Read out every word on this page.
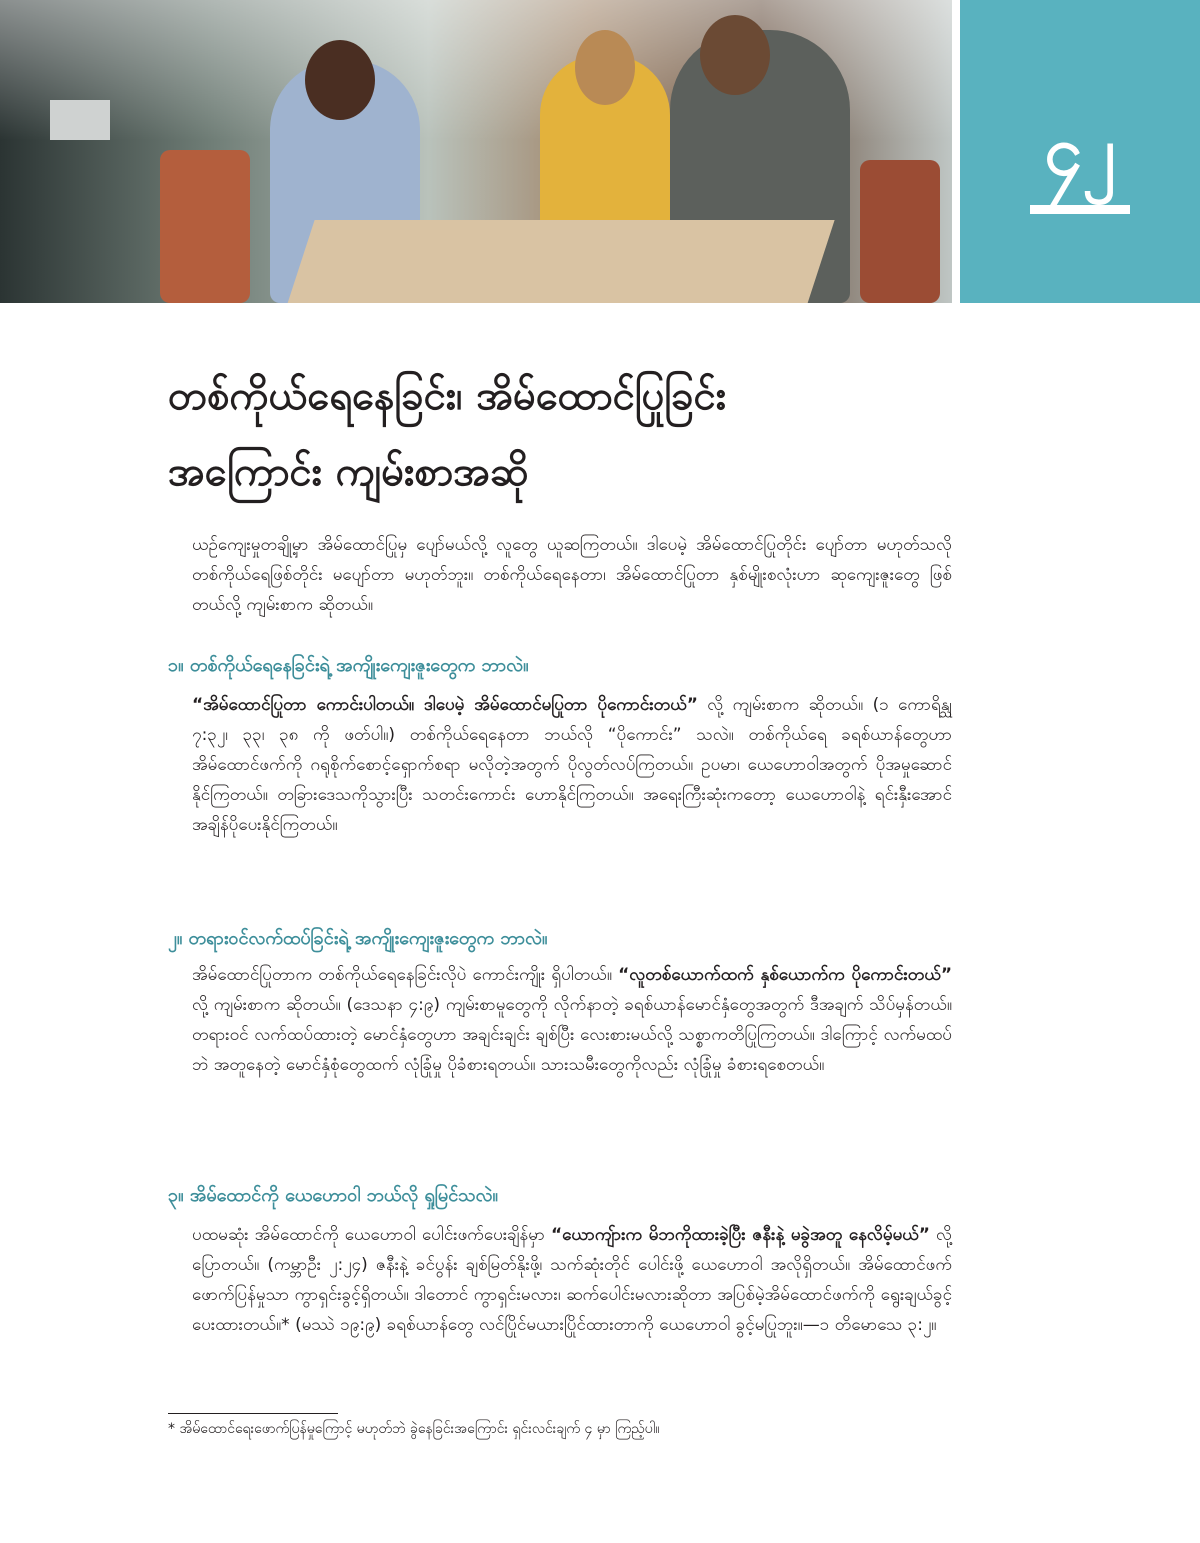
၄၂
တစ်ကိုယ်ရေနေခြင်း၊ အိမ်ထောင်ပြုခြင်း
အကြောင်း ကျမ်းစာအဆို

ယဉ်ကျေးမှုတချို့မှာ အိမ်ထောင်ပြုမှ ပျော်မယ်လို့ လူတွေ ယူဆကြတယ်။ ဒါပေမဲ့ အိမ်ထောင်ပြုတိုင်း ပျော်တာ မဟုတ်သလို တစ်ကိုယ်ရေဖြစ်တိုင်း မပျော်တာ မဟုတ်ဘူး။ တစ်ကိုယ်ရေနေတာ၊ အိမ်ထောင်ပြုတာ နှစ်မျိုးစလုံးဟာ ဆုကျေးဇူးတွေ ဖြစ်တယ်လို့ ကျမ်းစာက ဆိုတယ်။

၁။ တစ်ကိုယ်ရေနေခြင်းရဲ့ အကျိုးကျေးဇူးတွေက ဘာလဲ။

“အိမ်ထောင်ပြုတာ ကောင်းပါတယ်။ ဒါပေမဲ့ အိမ်ထောင်မပြုတာ ပိုကောင်းတယ်” လို့ ကျမ်းစာက ဆိုတယ်။ (၁ ကောရိန္သု ၇:၃၂၊ ၃၃၊ ၃၈ ကို ဖတ်ပါ။) တစ်ကိုယ်ရေနေတာ ဘယ်လို “ပိုကောင်း” သလဲ။ တစ်ကိုယ်ရေ ခရစ်ယာန်တွေဟာ အိမ်ထောင်ဖက်ကို ဂရုစိုက်စောင့်ရှောက်စရာ မလိုတဲ့အတွက် ပိုလွတ်လပ်ကြတယ်။ ဥပမာ၊ ယေဟောဝါအတွက် ပိုအမှုဆောင်နိုင်ကြတယ်။ တခြားဒေသကိုသွားပြီး သတင်းကောင်း ဟောနိုင်ကြတယ်။ အရေးကြီးဆုံးကတော့ ယေဟောဝါနဲ့ ရင်းနှီးအောင် အချိန်ပိုပေးနိုင်ကြတယ်။

၂။ တရားဝင်လက်ထပ်ခြင်းရဲ့ အကျိုးကျေးဇူးတွေက ဘာလဲ။

အိမ်ထောင်ပြုတာက တစ်ကိုယ်ရေနေခြင်းလိုပဲ ကောင်းကျိုး ရှိပါတယ်။ “လူတစ်ယောက်ထက် နှစ်ယောက်က ပိုကောင်းတယ်” လို့ ကျမ်းစာက ဆိုတယ်။ (ဒေသနာ ၄:၉) ကျမ်းစာမူတွေကို လိုက်နာတဲ့ ခရစ်ယာန်မောင်နှံတွေအတွက် ဒီအချက် သိပ်မှန်တယ်။ တရားဝင် လက်ထပ်ထားတဲ့ မောင်နှံတွေဟာ အချင်းချင်း ချစ်ပြီး လေးစားမယ်လို့ သစ္စာကတိပြုကြတယ်။ ဒါကြောင့် လက်မထပ်ဘဲ အတူနေတဲ့ မောင်နှံစုံတွေထက် လုံခြုံမှု ပိုခံစားရတယ်။ သားသမီးတွေကိုလည်း လုံခြုံမှု ခံစားရစေတယ်။

၃။ အိမ်ထောင်ကို ယေဟောဝါ ဘယ်လို ရှုမြင်သလဲ။

ပထမဆုံး အိမ်ထောင်ကို ယေဟောဝါ ပေါင်းဖက်ပေးချိန်မှာ “ယောကျ်ားက မိဘကိုထားခဲ့ပြီး ဇနီးနဲ့ မခွဲအတူ နေလိမ့်မယ်” လို့ ပြောတယ်။ (ကမ္ဘာဦး ၂:၂၄) ဇနီးနဲ့ ခင်ပွန်း ချစ်မြတ်နိုးဖို့၊ သက်ဆုံးတိုင် ပေါင်းဖို့ ယေဟောဝါ အလိုရှိတယ်။ အိမ်ထောင်ဖက် ဖောက်ပြန်မှုသာ ကွာရှင်းခွင့်ရှိတယ်။ ဒါတောင် ကွာရှင်းမလား၊ ဆက်ပေါင်းမလားဆိုတာ အပြစ်မဲ့အိမ်ထောင်ဖက်ကို ရွေးချယ်ခွင့် ပေးထားတယ်။* (မဿဲ ၁၉:၉) ခရစ်ယာန်တွေ လင်ပြိုင်မယားပြိုင်ထားတာကို ယေဟောဝါ ခွင့်မပြုဘူး။—၁ တိမောသေ ၃:၂။

* အိမ်ထောင်ရေးဖောက်ပြန်မှုကြောင့် မဟုတ်ဘဲ ခွဲနေခြင်းအကြောင်း ရှင်းလင်းချက် ၄ မှာ ကြည့်ပါ။
